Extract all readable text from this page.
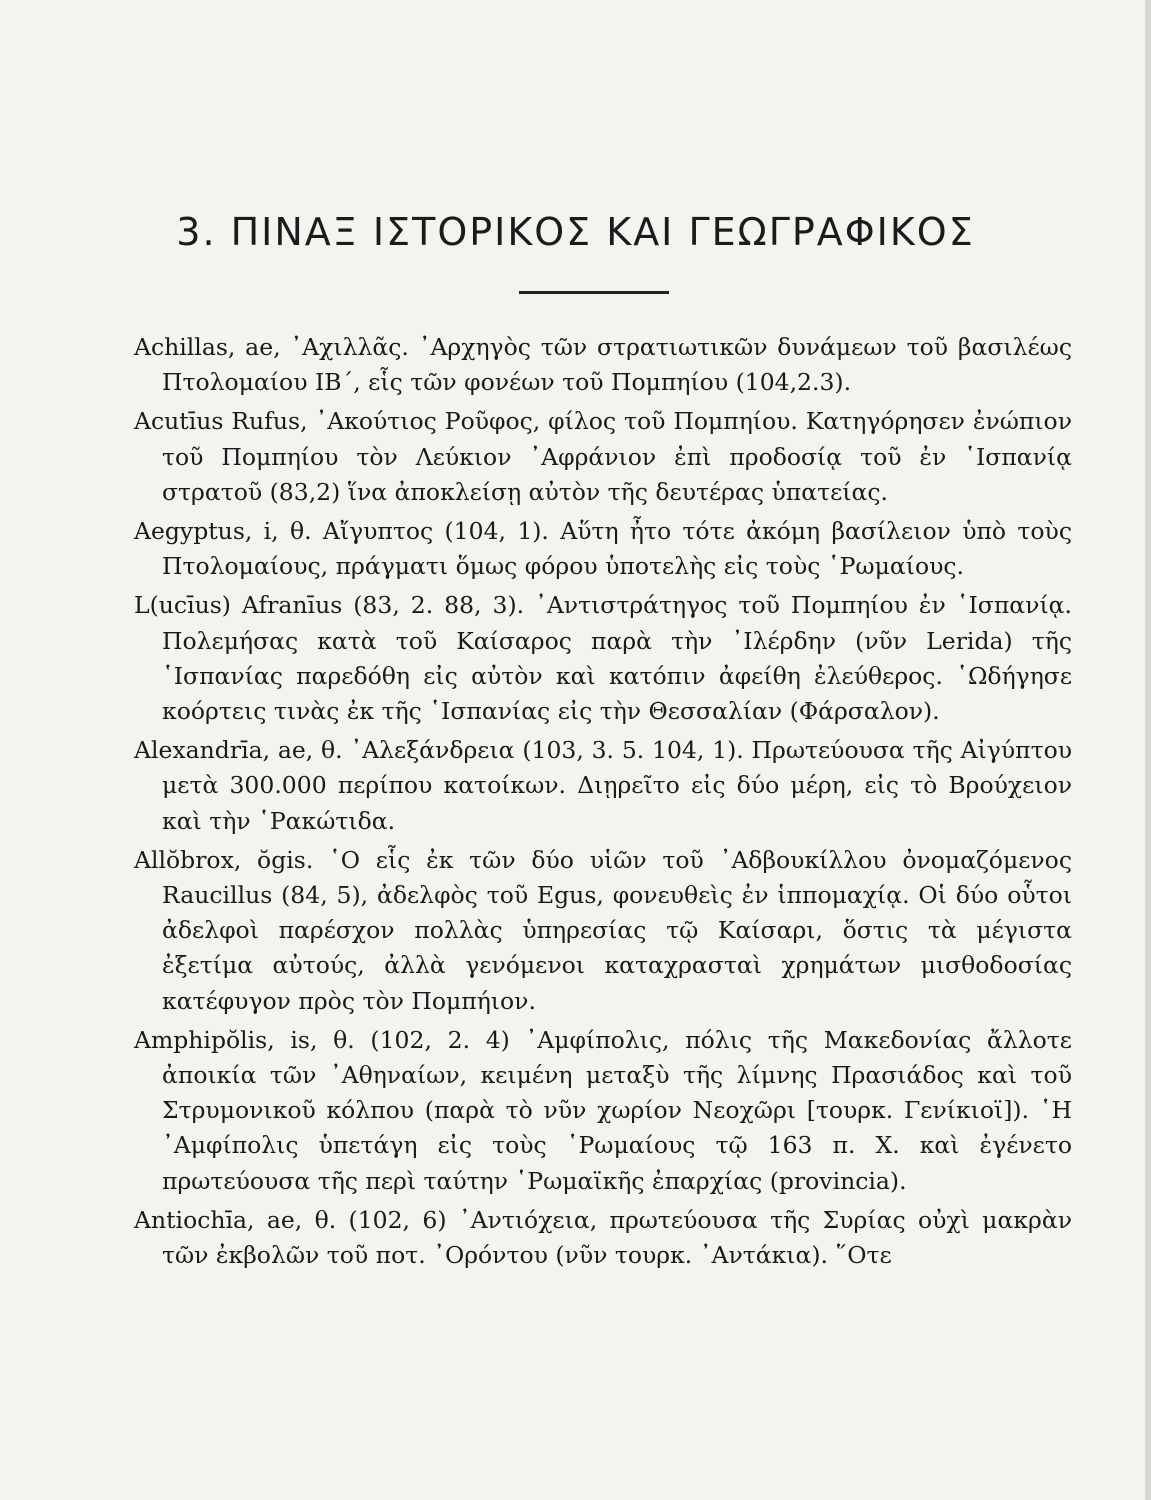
3. ΠΙΝΑΞ ΙΣΤΟΡΙΚΟΣ ΚΑΙ ΓΕΩΓΡΑΦΙΚΟΣ

Achillas, ae, ᾿Αχιλλᾶς. ᾿Αρχηγὸς τῶν στρατιωτικῶν δυνάμεων τοῦ βασιλέως Πτολομαίου ΙΒ΄, εἷς τῶν φονέων τοῦ Πομπηίου (104,2.3).

Acutīus Rufus, ᾿Ακούτιος Ροῦφος, φίλος τοῦ Πομπηίου. Κατηγόρησεν ἐνώπιον τοῦ Πομπηίου τὸν Λεύκιον ᾿Αφράνιον ἐπὶ προδοσίᾳ τοῦ ἐν ῾Ισπανίᾳ στρατοῦ (83,2) ἵνα ἀποκλείσῃ αὐτὸν τῆς δευτέρας ὑπατείας.

Aegyptus, i, θ. Αἴγυπτος (104, 1). Αὕτη ἦτο τότε ἀκόμη βασίλειον ὑπὸ τοὺς Πτολομαίους, πράγματι ὅμως φόρου ὑποτελὴς εἰς τοὺς ῾Ρωμαίους.

L(ucīus) Afranīus (83, 2. 88, 3). ᾿Αντιστράτηγος τοῦ Πομπηίου ἐν ῾Ισπανίᾳ. Πολεμήσας κατὰ τοῦ Καίσαρος παρὰ τὴν ᾿Ιλέρδην (νῦν Lerida) τῆς ῾Ισπανίας παρεδόθη εἰς αὐτὸν καὶ κατόπιν ἀφείθη ἐλεύθερος. ῾Ωδήγησε κοόρτεις τινὰς ἐκ τῆς ῾Ισπανίας εἰς τὴν Θεσσαλίαν (Φάρσαλον).

Alexandrīa, ae, θ. ᾿Αλεξάνδρεια (103, 3. 5. 104, 1). Πρωτεύουσα τῆς Αἰγύπτου μετὰ 300.000 περίπου κατοίκων. Διῃρεῖτο εἰς δύο μέρη, εἰς τὸ Βρούχειον καὶ τὴν ῾Ρακώτιδα.

Allŏbrox, ŏgis. ῾Ο εἷς ἐκ τῶν δύο υἱῶν τοῦ ᾿Αδβουκίλλου ὀνομαζόμενος Raucillus (84, 5), ἀδελφὸς τοῦ Egus, φονευθεὶς ἐν ἱππομαχίᾳ. Οἱ δύο οὗτοι ἀδελφοὶ παρέσχον πολλὰς ὑπηρεσίας τῷ Καίσαρι, ὅστις τὰ μέγιστα ἐξετίμα αὐτούς, ἀλλὰ γενόμενοι καταχρασταὶ χρημάτων μισθοδοσίας κατέφυγον πρὸς τὸν Πομπήιον.

Amphipŏlis, is, θ. (102, 2. 4) ᾿Αμφίπολις, πόλις τῆς Μακεδονίας ἄλλοτε ἀποικία τῶν ᾿Αθηναίων, κειμένη μεταξὺ τῆς λίμνης Πρασιάδος καὶ τοῦ Στρυμονικοῦ κόλπου (παρὰ τὸ νῦν χωρίον Νεοχῶρι [τουρκ. Γενίκιοϊ]). ῾Η ᾿Αμφίπολις ὑπετάγη εἰς τοὺς ῾Ρωμαίους τῷ 163 π. Χ. καὶ ἐγένετο πρωτεύουσα τῆς περὶ ταύτην ῾Ρωμαϊκῆς ἐπαρχίας (provincia).

Antiochīa, ae, θ. (102, 6) ᾿Αντιόχεια, πρωτεύουσα τῆς Συρίας οὐχὶ μακρὰν τῶν ἐκβολῶν τοῦ ποτ. ᾿Ορόντου (νῦν τουρκ. ᾿Αντάκια). ῞Οτε
